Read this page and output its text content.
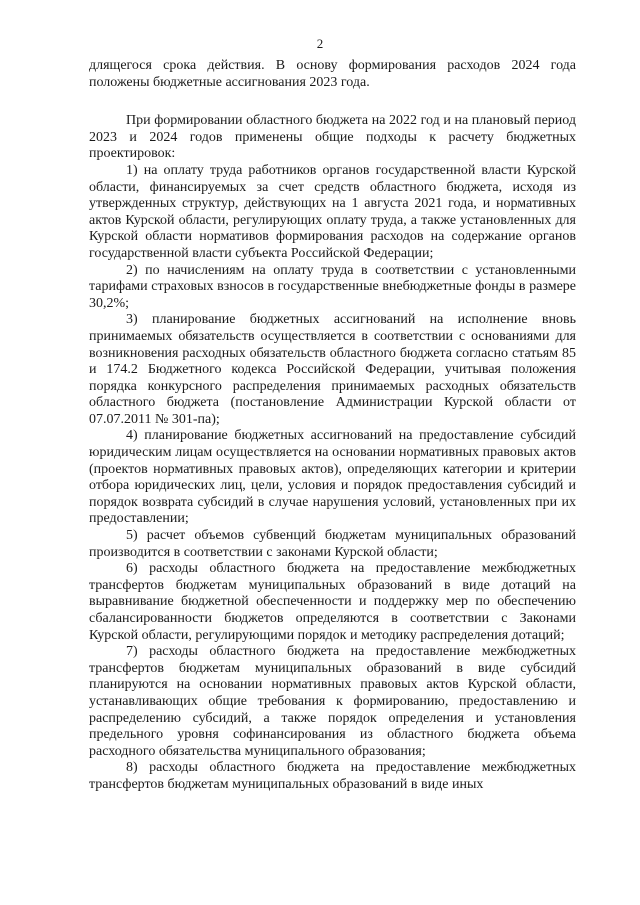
2

длящегося срока действия. В основу формирования расходов 2024 года положены бюджетные ассигнования 2023 года.

При формировании областного бюджета на 2022 год и на плановый период 2023 и 2024 годов применены общие подходы к расчету бюджетных проектировок:

1) на оплату труда работников органов государственной власти Курской области, финансируемых за счет средств областного бюджета, исходя из утвержденных структур, действующих на 1 августа 2021 года, и нормативных актов Курской области, регулирующих оплату труда, а также установленных для Курской области нормативов формирования расходов на содержание органов государственной власти субъекта Российской Федерации;

2) по начислениям на оплату труда в соответствии с установленными тарифами страховых взносов в государственные внебюджетные фонды в размере 30,2%;

3) планирование бюджетных ассигнований на исполнение вновь принимаемых обязательств осуществляется в соответствии с основаниями для возникновения расходных обязательств областного бюджета согласно статьям 85 и 174.2 Бюджетного кодекса Российской Федерации, учитывая положения порядка конкурсного распределения принимаемых расходных обязательств областного бюджета (постановление Администрации Курской области от 07.07.2011 № 301-па);

4) планирование бюджетных ассигнований на предоставление субсидий юридическим лицам осуществляется на основании нормативных правовых актов (проектов нормативных правовых актов), определяющих категории и критерии отбора юридических лиц, цели, условия и порядок предоставления субсидий и порядок возврата субсидий в случае нарушения условий, установленных при их предоставлении;

5) расчет объемов субвенций бюджетам муниципальных образований производится в соответствии с законами Курской области;

6) расходы областного бюджета на предоставление межбюджетных трансфертов бюджетам муниципальных образований в виде дотаций на выравнивание бюджетной обеспеченности и поддержку мер по обеспечению сбалансированности бюджетов определяются в соответствии с Законами Курской области, регулирующими порядок и методику распределения дотаций;

7) расходы областного бюджета на предоставление межбюджетных трансфертов бюджетам муниципальных образований в виде субсидий планируются на основании нормативных правовых актов Курской области, устанавливающих общие требования к формированию, предоставлению и распределению субсидий, а также порядок определения и установления предельного уровня софинансирования из областного бюджета объема расходного обязательства муниципального образования;

8) расходы областного бюджета на предоставление межбюджетных трансфертов бюджетам муниципальных образований в виде иных
